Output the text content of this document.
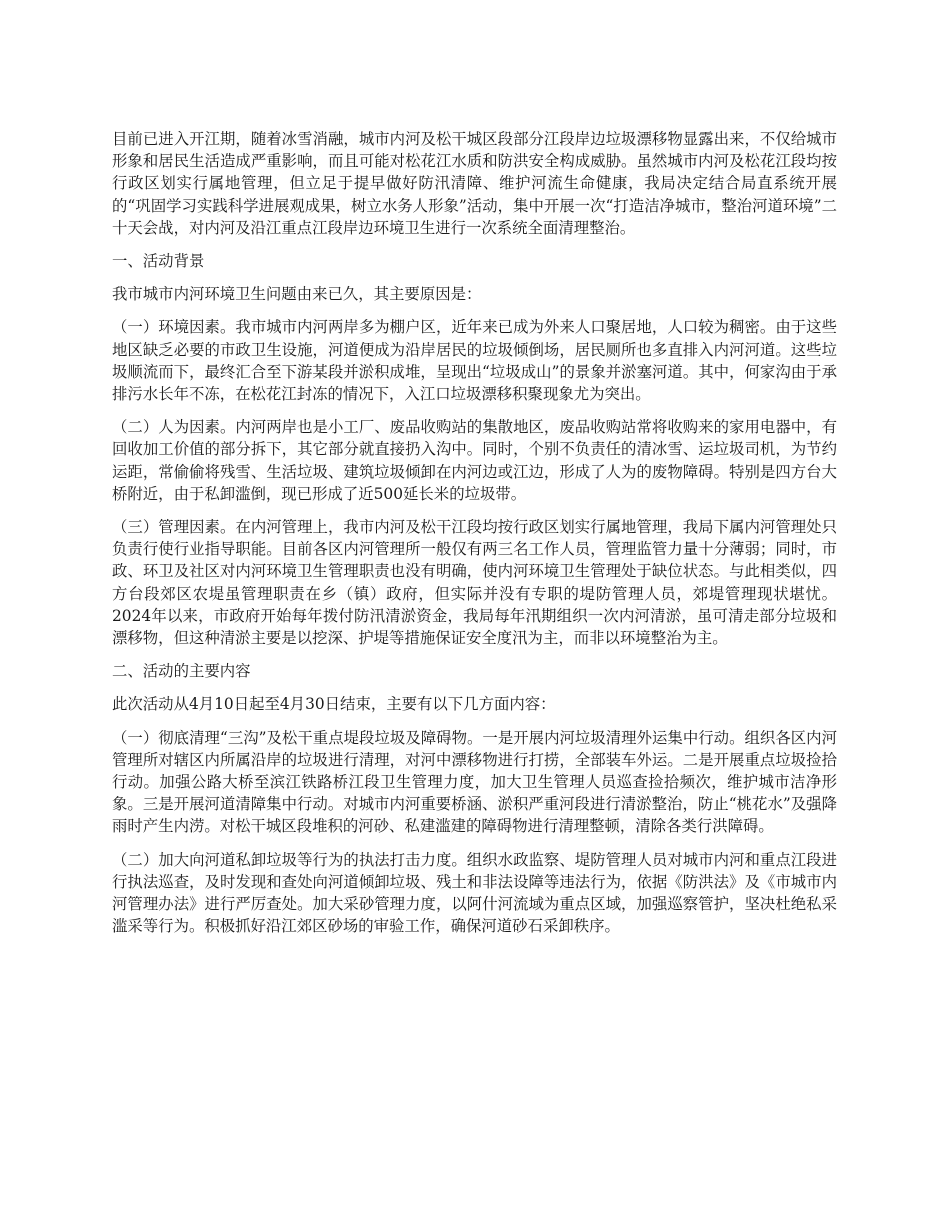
目前已进入开江期，随着冰雪消融，城市内河及松干城区段部分江段岸边垃圾漂移物显露出来，不仅给城市形象和居民生活造成严重影响，而且可能对松花江水质和防洪安全构成威胁。虽然城市内河及松花江段均按行政区划实行属地管理，但立足于提早做好防汛清障、维护河流生命健康，我局决定结合局直系统开展的“巩固学习实践科学进展观成果，树立水务人形象”活动，集中开展一次“打造洁净城市，整治河道环境”二十天会战，对内河及沿江重点江段岸边环境卫生进行一次系统全面清理整治。

一、活动背景

我市城市内河环境卫生问题由来已久，其主要原因是：

（一）环境因素。我市城市内河两岸多为棚户区，近年来已成为外来人口聚居地，人口较为稠密。由于这些地区缺乏必要的市政卫生设施，河道便成为沿岸居民的垃圾倾倒场，居民厕所也多直排入内河河道。这些垃圾顺流而下，最终汇合至下游某段并淤积成堆，呈现出“垃圾成山”的景象并淤塞河道。其中，何家沟由于承排污水长年不冻，在松花江封冻的情况下，入江口垃圾漂移积聚现象尤为突出。

（二）人为因素。内河两岸也是小工厂、废品收购站的集散地区，废品收购站常将收购来的家用电器中，有回收加工价值的部分拆下，其它部分就直接扔入沟中。同时，个别不负责任的清冰雪、运垃圾司机，为节约运距，常偷偷将残雪、生活垃圾、建筑垃圾倾卸在内河边或江边，形成了人为的废物障碍。特别是四方台大桥附近，由于私卸滥倒，现已形成了近500延长米的垃圾带。

（三）管理因素。在内河管理上，我市内河及松干江段均按行政区划实行属地管理，我局下属内河管理处只负责行使行业指导职能。目前各区内河管理所一般仅有两三名工作人员，管理监管力量十分薄弱；同时，市政、环卫及社区对内河环境卫生管理职责也没有明确，使内河环境卫生管理处于缺位状态。与此相类似，四方台段郊区农堤虽管理职责在乡（镇）政府，但实际并没有专职的堤防管理人员，郊堤管理现状堪忧。2024年以来，市政府开始每年拨付防汛清淤资金，我局每年汛期组织一次内河清淤，虽可清走部分垃圾和漂移物，但这种清淤主要是以挖深、护堤等措施保证安全度汛为主，而非以环境整治为主。

二、活动的主要内容

此次活动从4月10日起至4月30日结束，主要有以下几方面内容：

（一）彻底清理“三沟”及松干重点堤段垃圾及障碍物。一是开展内河垃圾清理外运集中行动。组织各区内河管理所对辖区内所属沿岸的垃圾进行清理，对河中漂移物进行打捞，全部装车外运。二是开展重点垃圾捡拾行动。加强公路大桥至滨江铁路桥江段卫生管理力度，加大卫生管理人员巡查捡拾频次，维护城市洁净形象。三是开展河道清障集中行动。对城市内河重要桥涵、淤积严重河段进行清淤整治，防止“桃花水”及强降雨时产生内涝。对松干城区段堆积的河砂、私建滥建的障碍物进行清理整顿，清除各类行洪障碍。

（二）加大向河道私卸垃圾等行为的执法打击力度。组织水政监察、堤防管理人员对城市内河和重点江段进行执法巡查，及时发现和查处向河道倾卸垃圾、残土和非法设障等违法行为，依据《防洪法》及《市城市内河管理办法》进行严厉查处。加大采砂管理力度，以阿什河流域为重点区域，加强巡察管护，坚决杜绝私采滥采等行为。积极抓好沿江郊区砂场的审验工作，确保河道砂石采卸秩序。
